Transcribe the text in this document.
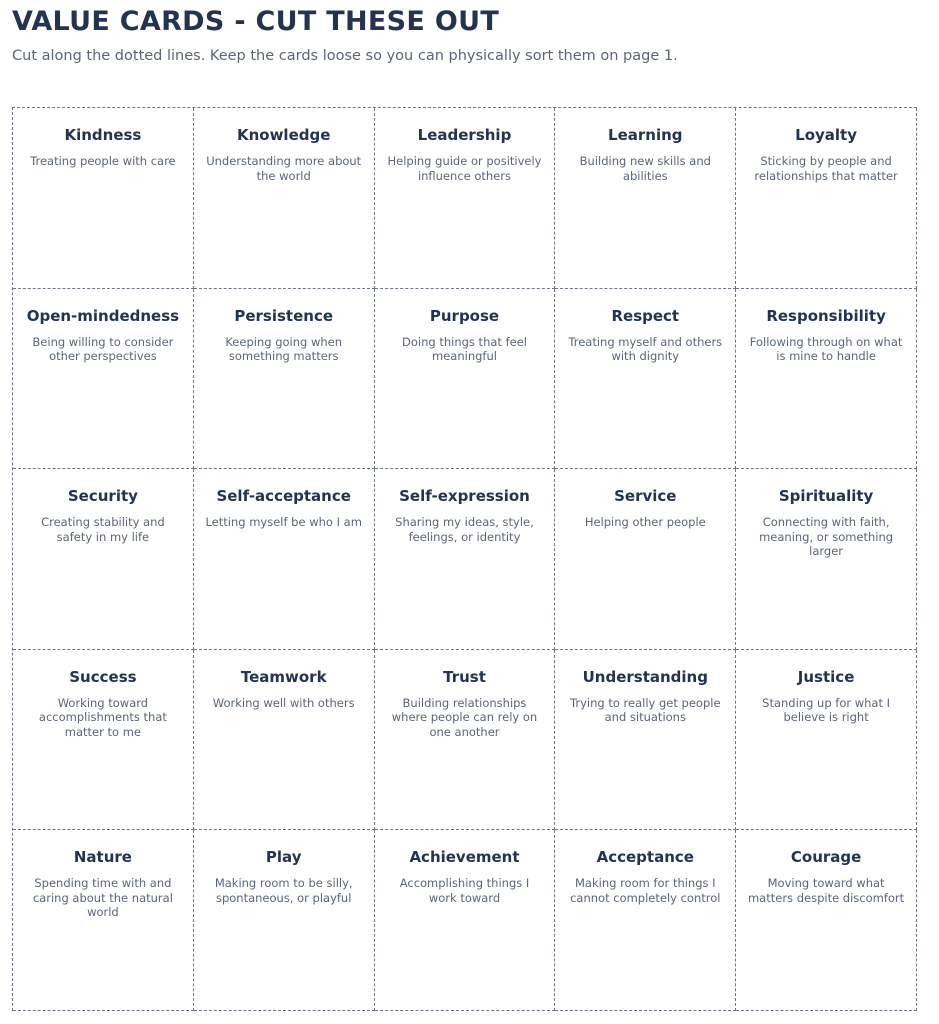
VALUE CARDS - CUT THESE OUT

Cut along the dotted lines. Keep the cards loose so you can physically sort them on page 1.

Kindness
Treating people with care
Knowledge
Understanding more about the world
Leadership
Helping guide or positively influence others
Learning
Building new skills and abilities
Loyalty
Sticking by people and relationships that matter
Open-mindedness
Being willing to consider other perspectives
Persistence
Keeping going when something matters
Purpose
Doing things that feel meaningful
Respect
Treating myself and others with dignity
Responsibility
Following through on what is mine to handle
Security
Creating stability and safety in my life
Self-acceptance
Letting myself be who I am
Self-expression
Sharing my ideas, style, feelings, or identity
Service
Helping other people
Spirituality
Connecting with faith, meaning, or something larger
Success
Working toward accomplishments that matter to me
Teamwork
Working well with others
Trust
Building relationships where people can rely on one another
Understanding
Trying to really get people and situations
Justice
Standing up for what I believe is right
Nature
Spending time with and caring about the natural world
Play
Making room to be silly, spontaneous, or playful
Achievement
Accomplishing things I work toward
Acceptance
Making room for things I cannot completely control
Courage
Moving toward what matters despite discomfort
